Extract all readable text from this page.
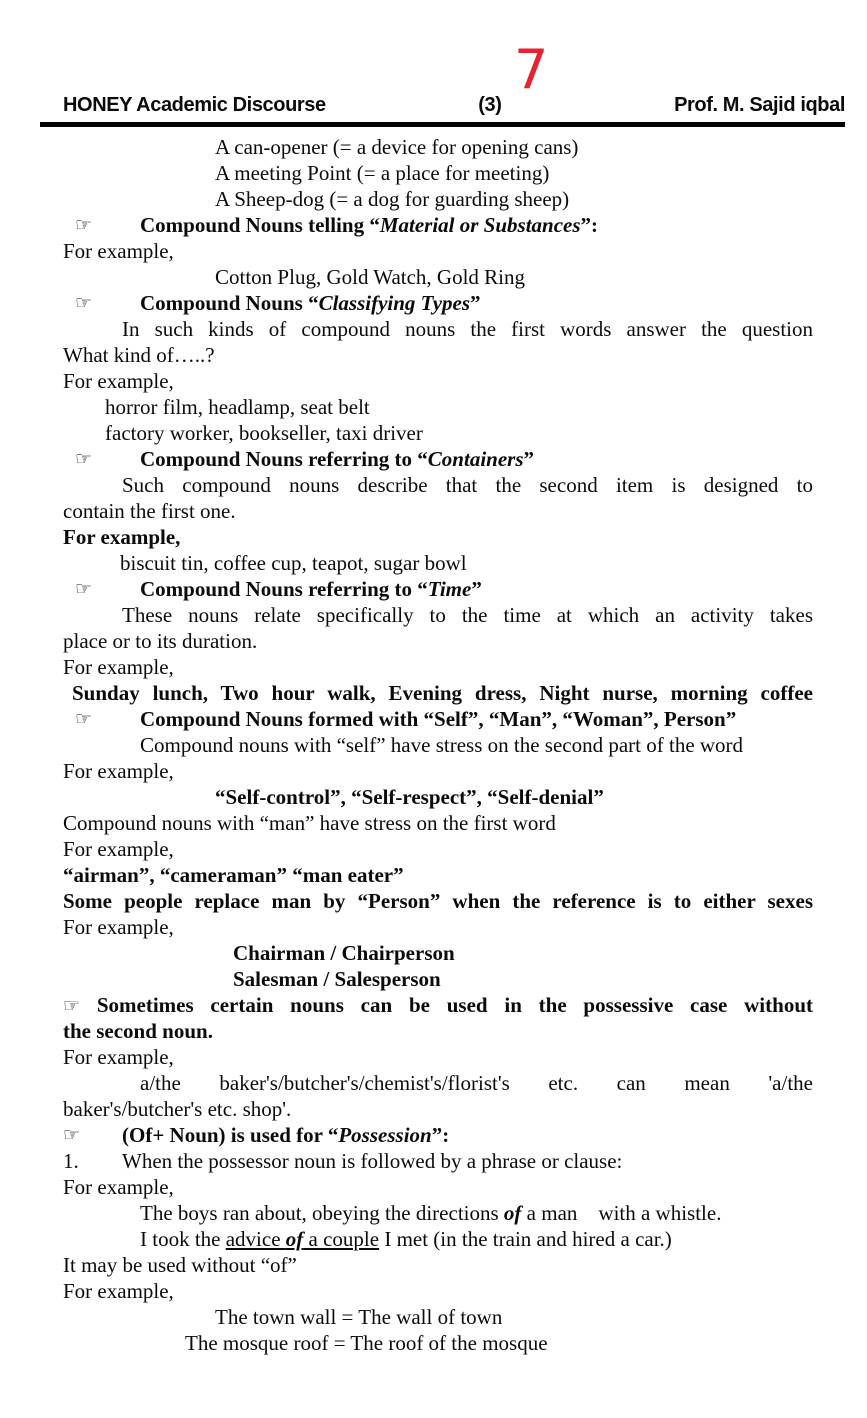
7
HONEY Academic Discourse	(3)	Prof. M. Sajid iqbal
A can-opener (= a device for opening cans)
A meeting Point (= a place for meeting)
A Sheep-dog (= a dog for guarding sheep)
☞ Compound Nouns telling “Material or Substances”:
For example,
Cotton Plug, Gold Watch, Gold Ring
☞ Compound Nouns “Classifying Types”
In such kinds of compound nouns the first words answer the question
What kind of…..?
For example,
horror film, headlamp, seat belt
factory worker, bookseller, taxi driver
☞ Compound Nouns referring to “Containers”
Such compound nouns describe that the second item is designed to
contain the first one.
For example,
biscuit tin, coffee cup, teapot, sugar bowl
☞ Compound Nouns referring to “Time”
These nouns relate specifically to the time at which an activity takes
place or to its duration.
For example,
Sunday lunch, Two hour walk, Evening dress, Night nurse, morning coffee
☞ Compound Nouns formed with “Self”, “Man”, “Woman”, Person”
Compound nouns with “self” have stress on the second part of the word
For example,
“Self-control”, “Self-respect”, “Self-denial”
Compound nouns with “man” have stress on the first word
For example,
“airman”, “cameraman” “man eater”
Some people replace man by “Person” when the reference is to either sexes
For example,
Chairman / Chairperson
Salesman / Salesperson
☞ Sometimes certain nouns can be used in the possessive case without
the second noun.
For example,
a/the baker's/butcher's/chemist's/florist's etc. can mean 'a/the
baker's/butcher's etc. shop'.
☞ (Of+ Noun) is used for “Possession”:
1. When the possessor noun is followed by a phrase or clause:
For example,
The boys ran about, obeying the directions of a man    with a whistle.
I took the advice of a couple I met (in the train and hired a car.)
It may be used without “of”
For example,
The town wall = The wall of town
The mosque roof = The roof of the mosque
